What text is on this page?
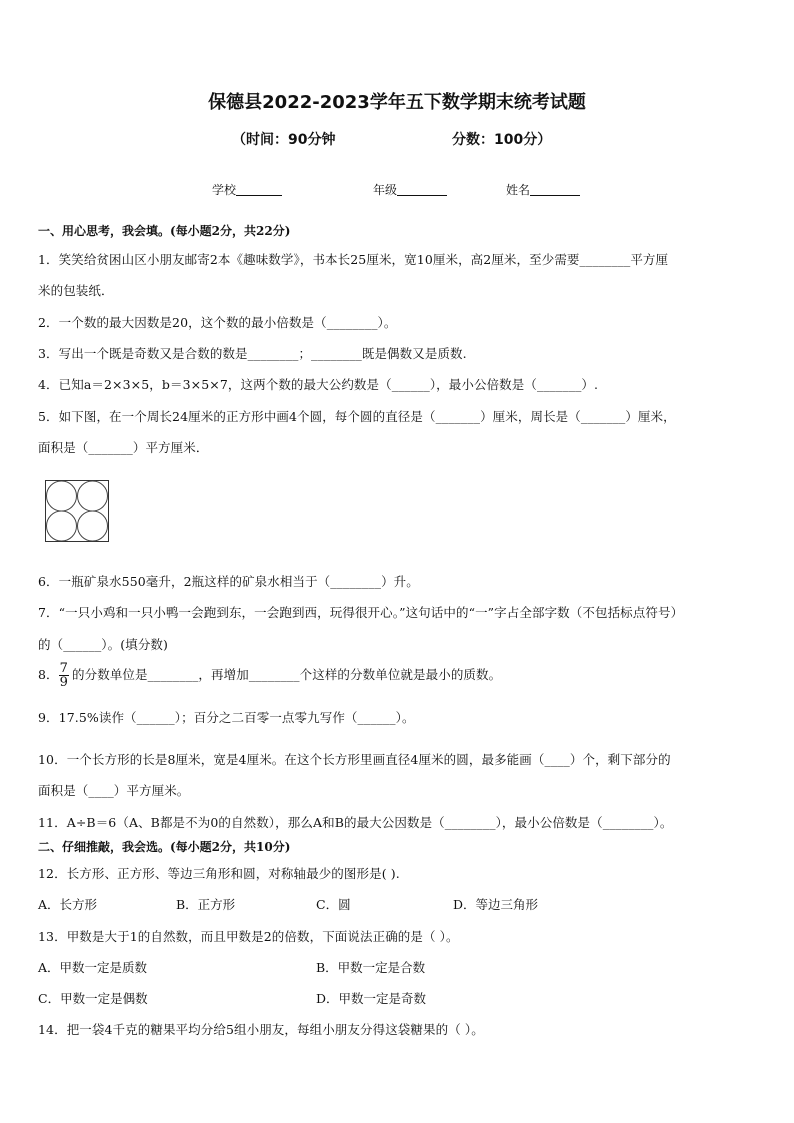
保德县2022-2023学年五下数学期末统考试题
（时间：90分钟	分数：100分）
学校	年级	姓名
一、用心思考，我会填。(每小题2分，共22分)
1．笑笑给贫困山区小朋友邮寄2本《趣味数学》，书本长25厘米，宽10厘米，高2厘米，至少需要________平方厘
米的包装纸．
2．一个数的最大因数是20，这个数的最小倍数是（________）。
3．写出一个既是奇数又是合数的数是________；________既是偶数又是质数.
4．已知a＝2×3×5，b＝3×5×7，这两个数的最大公约数是（______），最小公倍数是（_______）.
5．如下图，在一个周长24厘米的正方形中画4个圆，每个圆的直径是（_______）厘米，周长是（_______）厘米，
面积是（_______）平方厘米．
6．一瓶矿泉水550毫升，2瓶这样的矿泉水相当于（________）升。
7．“一只小鸡和一只小鸭一会跑到东，一会跑到西，玩得很开心。”这句话中的“一”字占全部字数（不包括标点符号）
的（______）。(填分数)
8． $\frac{7}{9}$ 的分数单位是________，再增加________个这样的分数单位就是最小的质数。
9．17.5%读作（______）；百分之二百零一点零九写作（______）。
10．一个长方形的长是8厘米，宽是4厘米。在这个长方形里画直径4厘米的圆，最多能画（____）个，剩下部分的
面积是（____）平方厘米。
11．A÷B＝6（A、B都是不为0的自然数），那么A和B的最大公因数是（________），最小公倍数是（________）。
二、仔细推敲，我会选。(每小题2分，共10分)
12．长方形、正方形、等边三角形和圆，对称轴最少的图形是( ).
A．长方形	B．正方形	C．圆	D．等边三角形
13．甲数是大于1的自然数，而且甲数是2的倍数，下面说法正确的是（ ）。
A．甲数一定是质数	B．甲数一定是合数
C．甲数一定是偶数	D．甲数一定是奇数
14．把一袋4千克的糖果平均分给5组小朋友，每组小朋友分得这袋糖果的（ ）。
